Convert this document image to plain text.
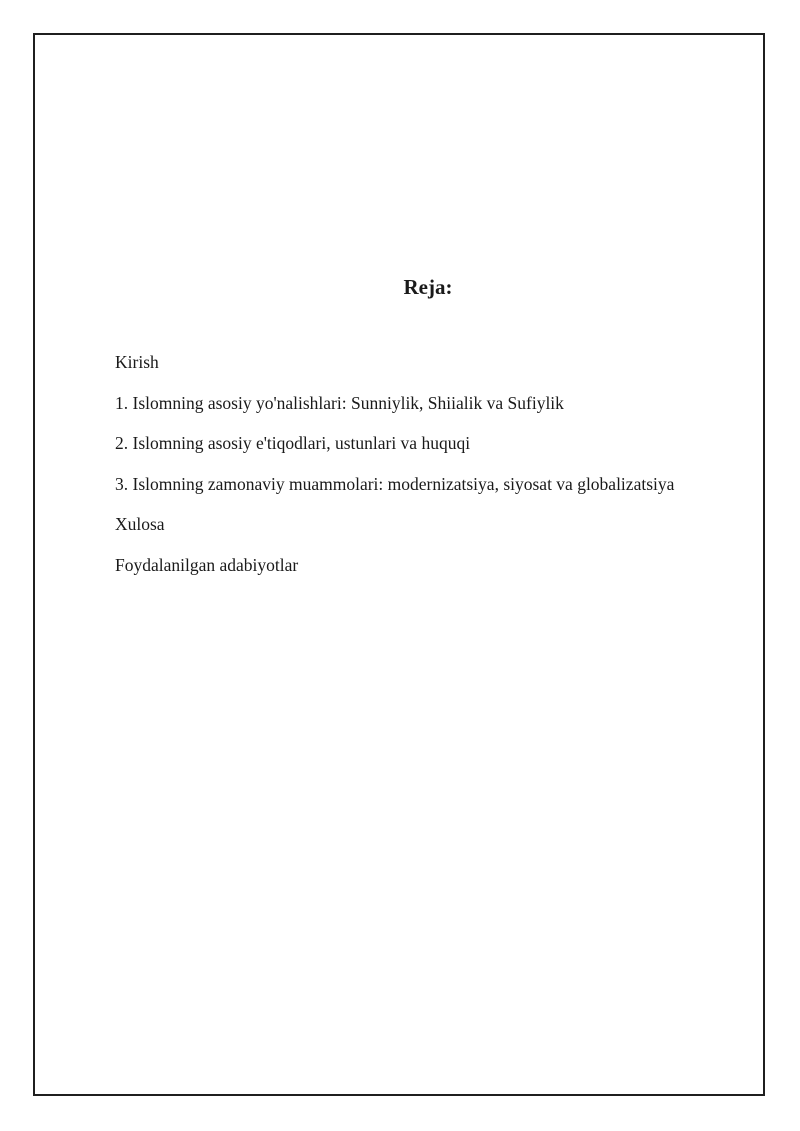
Reja:
Kirish
1. Islomning asosiy yo'nalishlari: Sunniylik, Shiialik va Sufiylik
2. Islomning asosiy e'tiqodlari, ustunlari va huquqi
3. Islomning zamonaviy muammolari: modernizatsiya, siyosat va globalizatsiya
Xulosa
Foydalanilgan adabiyotlar
